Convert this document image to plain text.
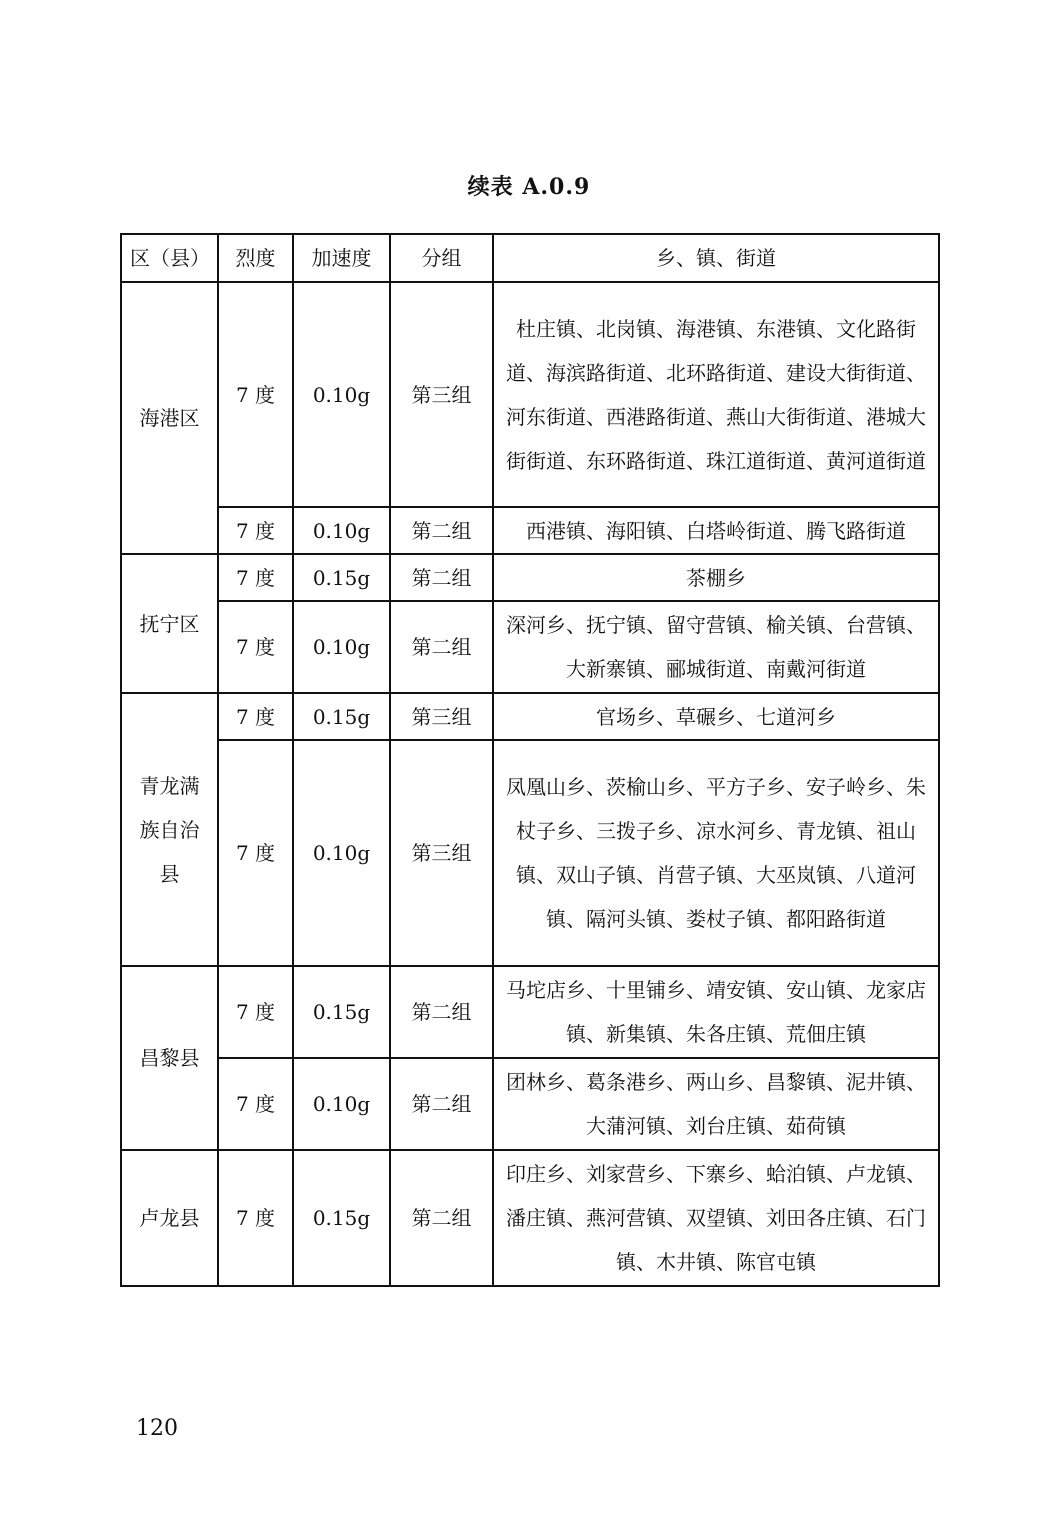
续表 A.0.9
区（县）	烈度	加速度	分组	乡、镇、街道
海港区	7 度	0.10g	第三组	杜庄镇、北岗镇、海港镇、东港镇、文化路街道、海滨路街道、北环路街道、建设大街街道、河东街道、西港路街道、燕山大街街道、港城大街街道、东环路街道、珠江道街道、黄河道街道
	7 度	0.10g	第二组	西港镇、海阳镇、白塔岭街道、腾飞路街道
抚宁区	7 度	0.15g	第二组	茶棚乡
	7 度	0.10g	第二组	深河乡、抚宁镇、留守营镇、榆关镇、台营镇、大新寨镇、郦城街道、南戴河街道
青龙满族自治县	7 度	0.15g	第三组	官场乡、草碾乡、七道河乡
	7 度	0.10g	第三组	凤凰山乡、茨榆山乡、平方子乡、安子岭乡、朱杖子乡、三拨子乡、凉水河乡、青龙镇、祖山镇、双山子镇、肖营子镇、大巫岚镇、八道河镇、隔河头镇、娄杖子镇、都阳路街道
昌黎县	7 度	0.15g	第二组	马坨店乡、十里铺乡、靖安镇、安山镇、龙家店镇、新集镇、朱各庄镇、荒佃庄镇
	7 度	0.10g	第二组	团林乡、葛条港乡、两山乡、昌黎镇、泥井镇、大蒲河镇、刘台庄镇、茹荷镇
卢龙县	7 度	0.15g	第二组	印庄乡、刘家营乡、下寨乡、蛤泊镇、卢龙镇、潘庄镇、燕河营镇、双望镇、刘田各庄镇、石门镇、木井镇、陈官屯镇
120
